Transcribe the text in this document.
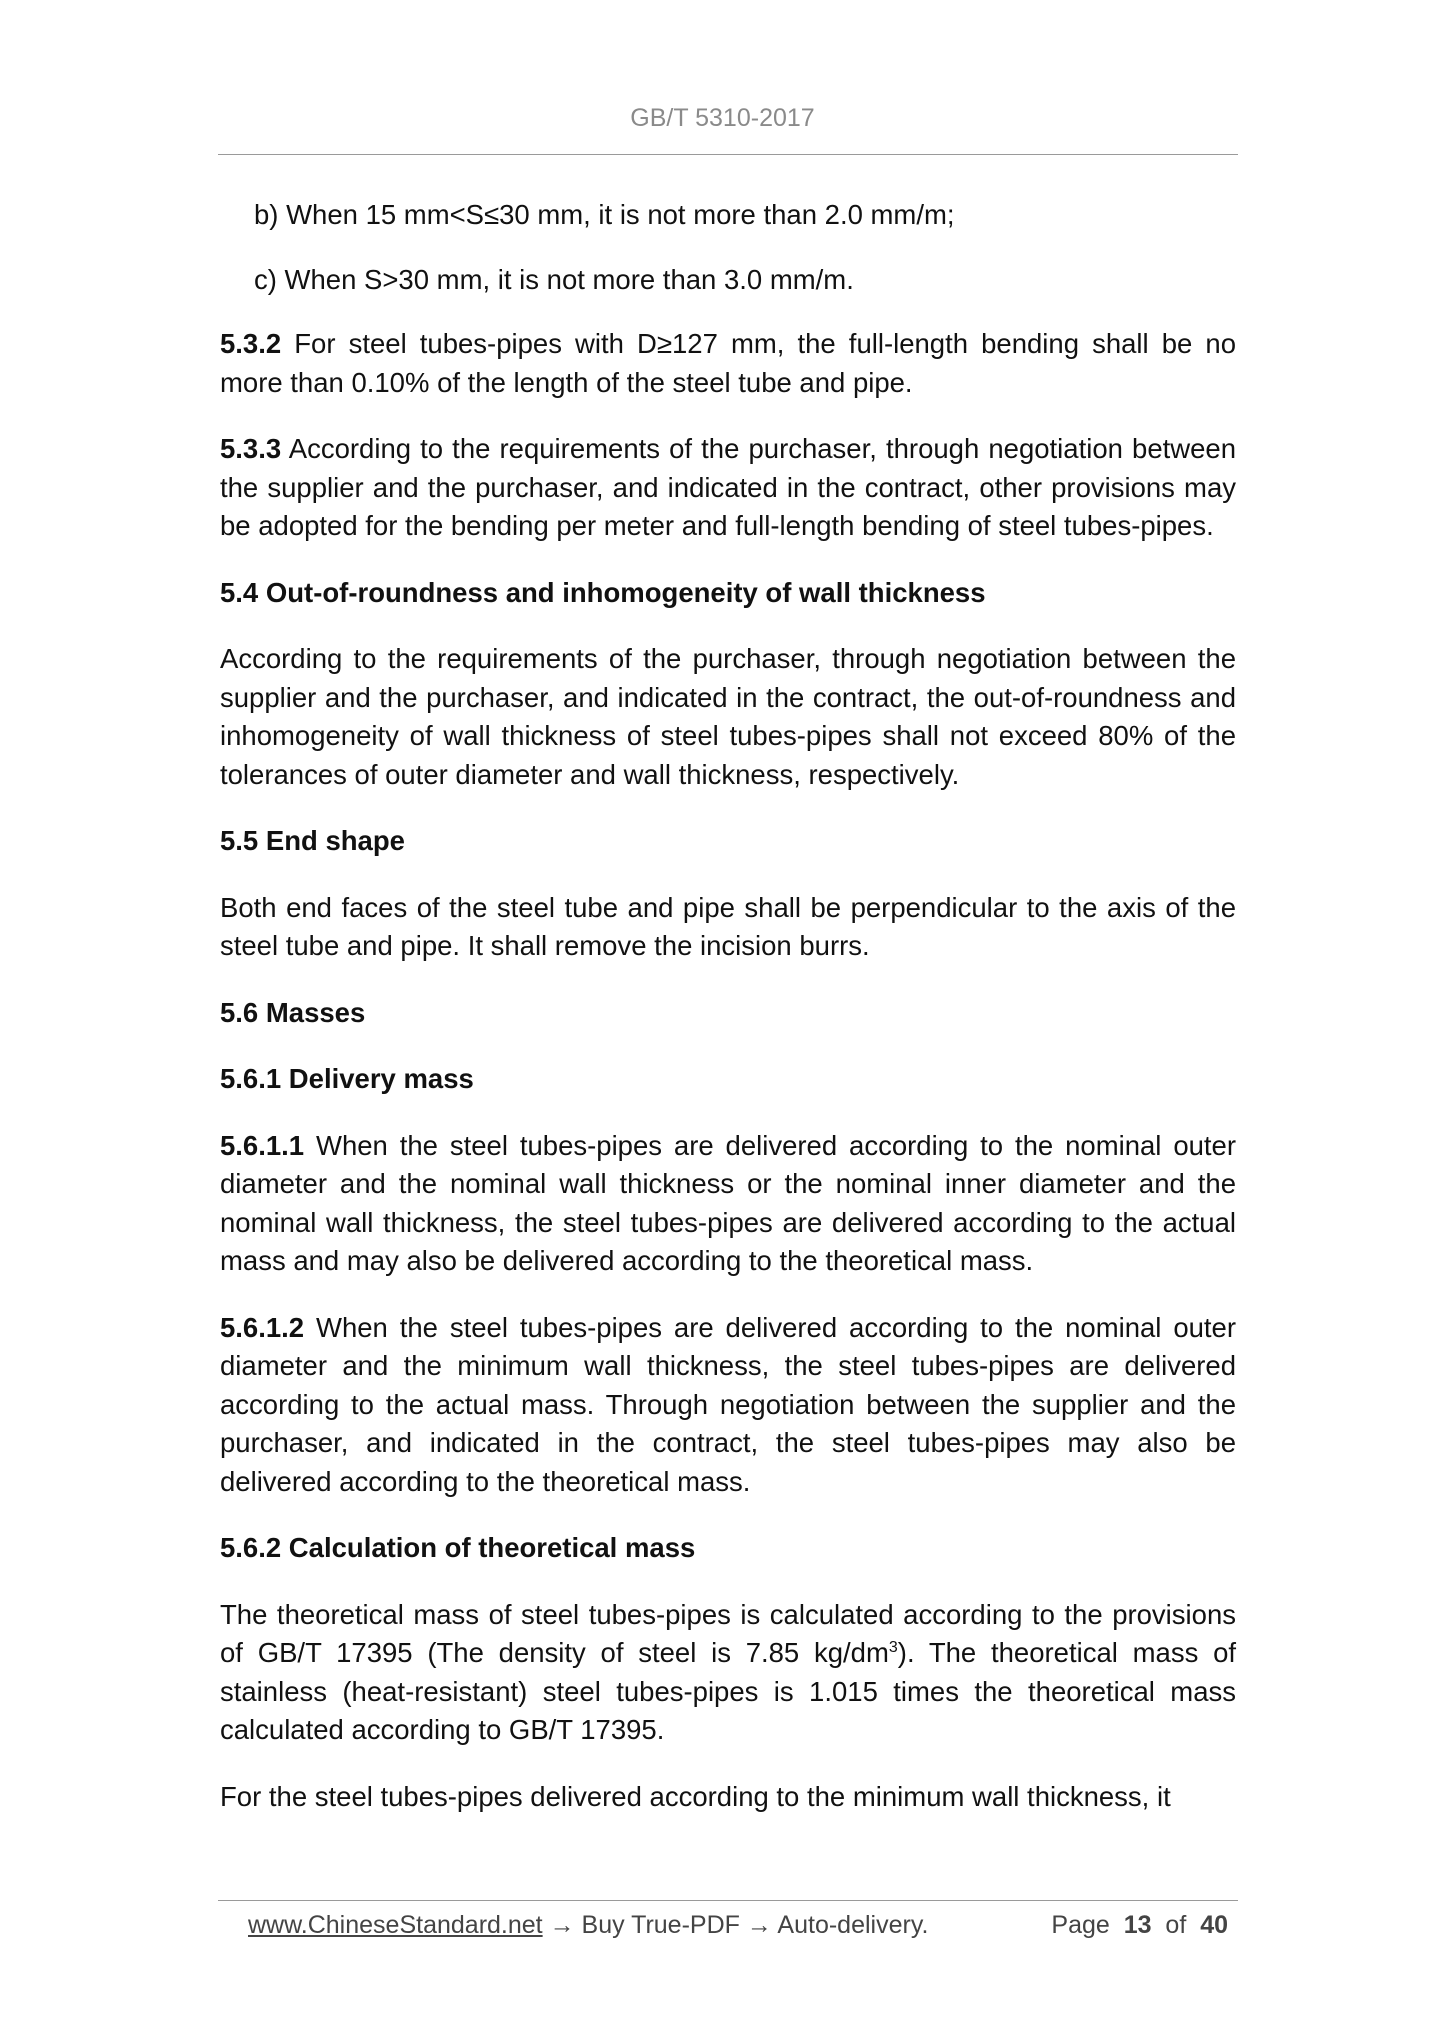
GB/T 5310-2017

b) When 15 mm<S≤30 mm, it is not more than 2.0 mm/m;

c) When S>30 mm, it is not more than 3.0 mm/m.

5.3.2 For steel tubes-pipes with D≥127 mm, the full-length bending shall be no more than 0.10% of the length of the steel tube and pipe.

5.3.3 According to the requirements of the purchaser, through negotiation between the supplier and the purchaser, and indicated in the contract, other provisions may be adopted for the bending per meter and full-length bending of steel tubes-pipes.

5.4 Out-of-roundness and inhomogeneity of wall thickness

According to the requirements of the purchaser, through negotiation between the supplier and the purchaser, and indicated in the contract, the out-of-roundness and inhomogeneity of wall thickness of steel tubes-pipes shall not exceed 80% of the tolerances of outer diameter and wall thickness, respectively.

5.5 End shape

Both end faces of the steel tube and pipe shall be perpendicular to the axis of the steel tube and pipe. It shall remove the incision burrs.

5.6 Masses
5.6.1 Delivery mass

5.6.1.1 When the steel tubes-pipes are delivered according to the nominal outer diameter and the nominal wall thickness or the nominal inner diameter and the nominal wall thickness, the steel tubes-pipes are delivered according to the actual mass and may also be delivered according to the theoretical mass.

5.6.1.2 When the steel tubes-pipes are delivered according to the nominal outer diameter and the minimum wall thickness, the steel tubes-pipes are delivered according to the actual mass. Through negotiation between the supplier and the purchaser, and indicated in the contract, the steel tubes-pipes may also be delivered according to the theoretical mass.

5.6.2 Calculation of theoretical mass

The theoretical mass of steel tubes-pipes is calculated according to the provisions of GB/T 17395 (The density of steel is 7.85 $kg/dm^3$). The theoretical mass of stainless (heat-resistant) steel tubes-pipes is 1.015 times the theoretical mass calculated according to GB/T 17395.

For the steel tubes-pipes delivered according to the minimum wall thickness, it

www.ChineseStandard.net → Buy True-PDF → Auto-delivery.	Page 13 of 40
